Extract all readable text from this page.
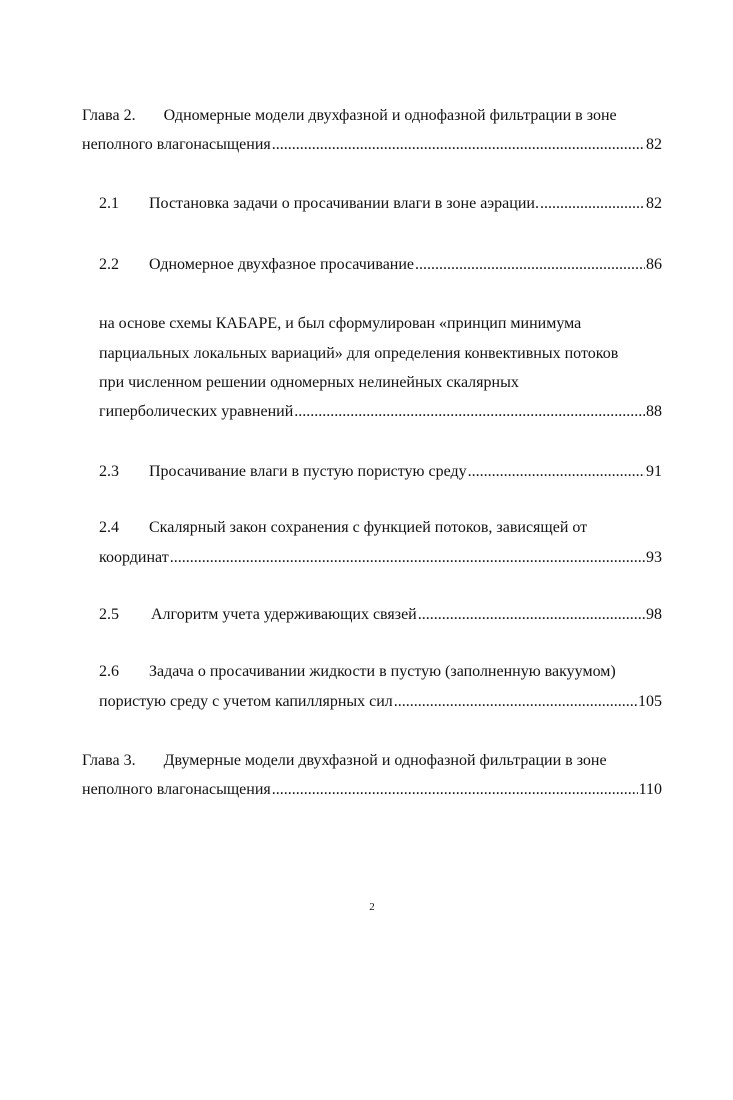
Глава 2. Одномерные модели двухфазной и однофазной фильтрации в зоне
неполного влагонасыщения .....	82
2.1 Постановка задачи о просачивании влаги в зоне аэрации. .....	82
2.2 Одномерное двухфазное просачивание .....	86
на основе схемы КАБАРЕ, и был сформулирован «принцип минимума
парциальных локальных вариаций» для определения конвективных потоков
при численном решении одномерных нелинейных скалярных
гиперболических уравнений .....	88
2.3 Просачивание влаги в пустую пористую среду .....	91
2.4 Скалярный закон сохранения с функцией потоков, зависящей от
координат .....	93
2.5 Алгоритм учета удерживающих связей .....	98
2.6 Задача о просачивании жидкости в пустую (заполненную вакуумом)
пористую среду с учетом капиллярных сил .....	105
Глава 3. Двумерные модели двухфазной и однофазной фильтрации в зоне
неполного влагонасыщения .....	110
2
